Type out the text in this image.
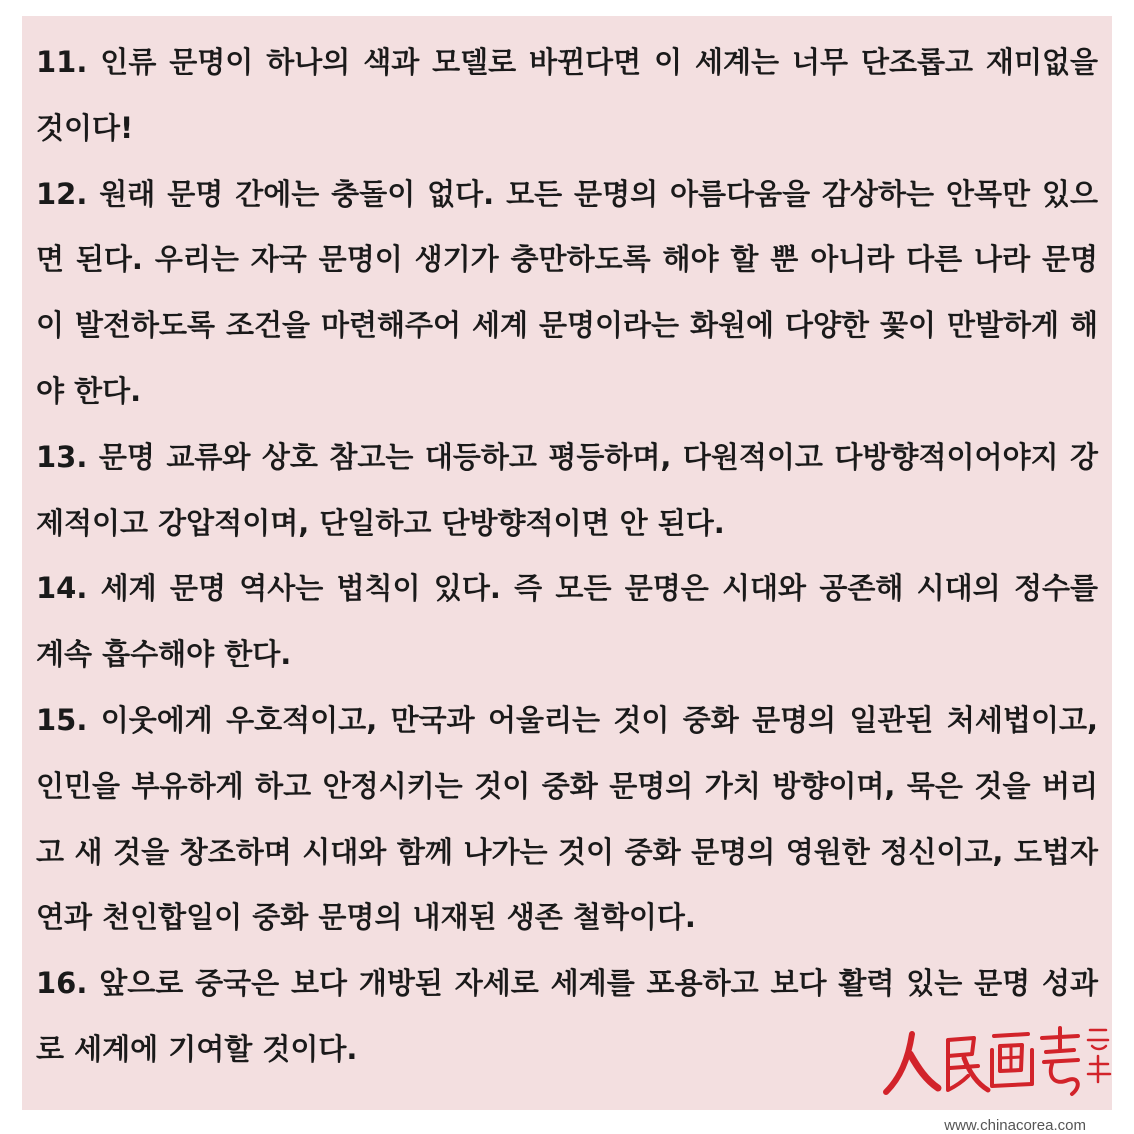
11. 인류 문명이 하나의 색과 모델로 바뀐다면 이 세계는 너무 단조롭고 재미없을 것이다!

12. 원래 문명 간에는 충돌이 없다. 모든 문명의 아름다움을 감상하는 안목만 있으면 된다. 우리는 자국 문명이 생기가 충만하도록 해야 할 뿐 아니라 다른 나라 문명이 발전하도록 조건을 마련해주어 세계 문명이라는 화원에 다양한 꽃이 만발하게 해야 한다.

13. 문명 교류와 상호 참고는 대등하고 평등하며, 다원적이고 다방향적이어야지 강제적이고 강압적이며, 단일하고 단방향적이면 안 된다.

14. 세계 문명 역사는 법칙이 있다. 즉 모든 문명은 시대와 공존해 시대의 정수를 계속 흡수해야 한다.

15. 이웃에게 우호적이고, 만국과 어울리는 것이 중화 문명의 일관된 처세법이고, 인민을 부유하게 하고 안정시키는 것이 중화 문명의 가치 방향이며, 묵은 것을 버리고 새 것을 창조하며 시대와 함께 나가는 것이 중화 문명의 영원한 정신이고, 도법자연과 천인합일이 중화 문명의 내재된 생존 철학이다.

16. 앞으로 중국은 보다 개방된 자세로 세계를 포용하고 보다 활력 있는 문명 성과로 세계에 기여할 것이다.

www.chinacorea.com
